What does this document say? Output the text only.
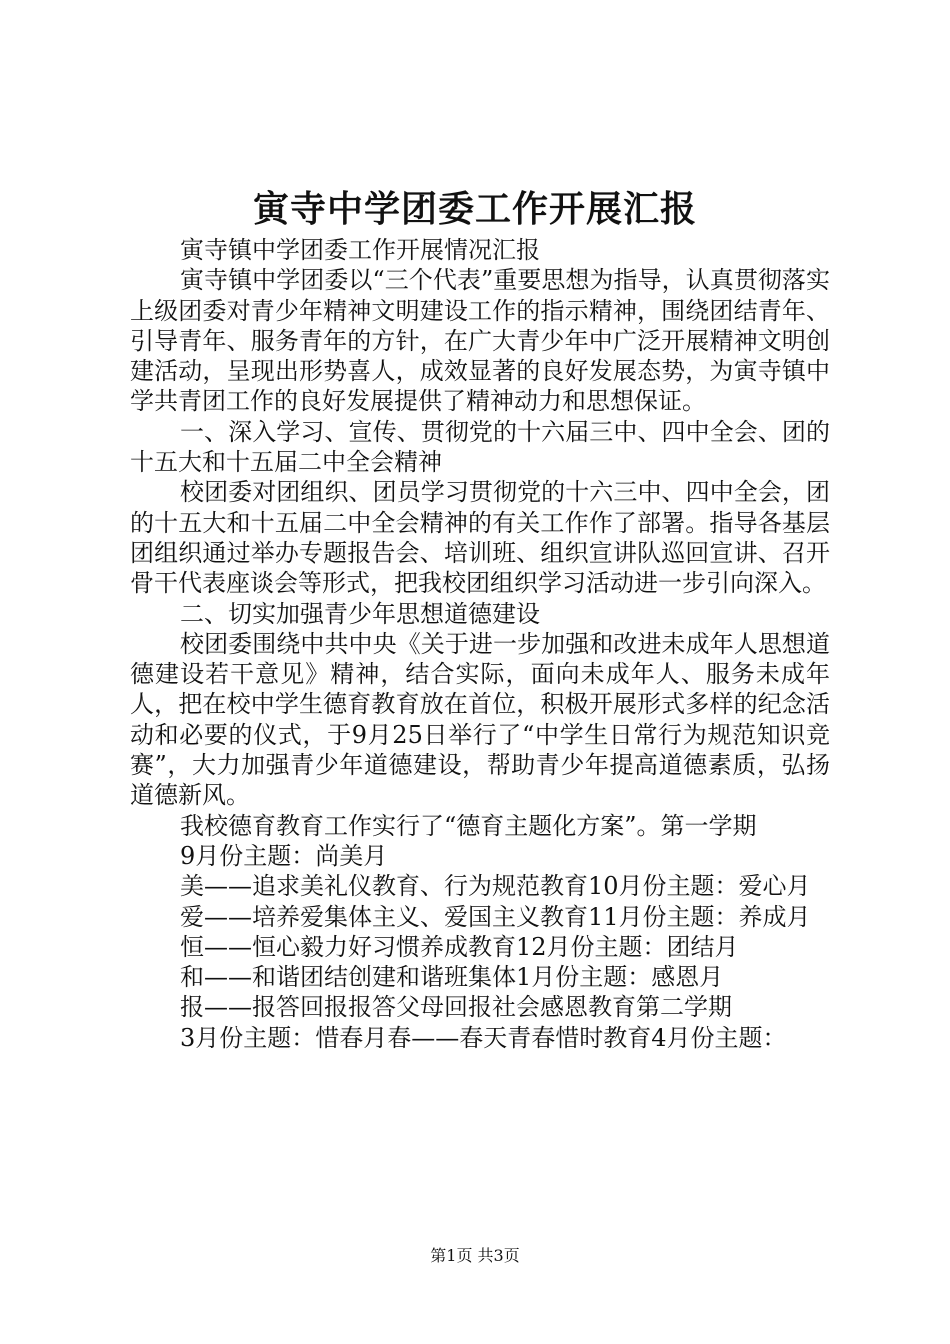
寅寺中学团委工作开展汇报

寅寺镇中学团委工作开展情况汇报

寅寺镇中学团委以“三个代表”重要思想为指导，认真贯彻落实上级团委对青少年精神文明建设工作的指示精神，围绕团结青年、引导青年、服务青年的方针，在广大青少年中广泛开展精神文明创建活动，呈现出形势喜人，成效显著的良好发展态势，为寅寺镇中学共青团工作的良好发展提供了精神动力和思想保证。

一、深入学习、宣传、贯彻党的十六届三中、四中全会、团的十五大和十五届二中全会精神

校团委对团组织、团员学习贯彻党的十六三中、四中全会，团的十五大和十五届二中全会精神的有关工作作了部署。指导各基层团组织通过举办专题报告会、培训班、组织宣讲队巡回宣讲、召开骨干代表座谈会等形式，把我校团组织学习活动进一步引向深入。

二、切实加强青少年思想道德建设

校团委围绕中共中央《关于进一步加强和改进未成年人思想道德建设若干意见》精神，结合实际，面向未成年人、服务未成年人，把在校中学生德育教育放在首位，积极开展形式多样的纪念活动和必要的仪式，于9月25日举行了“中学生日常行为规范知识竞赛”，大力加强青少年道德建设，帮助青少年提高道德素质，弘扬道德新风。

我校德育教育工作实行了“德育主题化方案”。第一学期

9月份主题：尚美月

美——追求美礼仪教育、行为规范教育10月份主题：爱心月

爱——培养爱集体主义、爱国主义教育11月份主题：养成月

恒——恒心毅力好习惯养成教育12月份主题：团结月

和——和谐团结创建和谐班集体1月份主题：感恩月

报——报答回报报答父母回报社会感恩教育第二学期

3月份主题：惜春月春——春天青春惜时教育4月份主题：

第1页 共3页
